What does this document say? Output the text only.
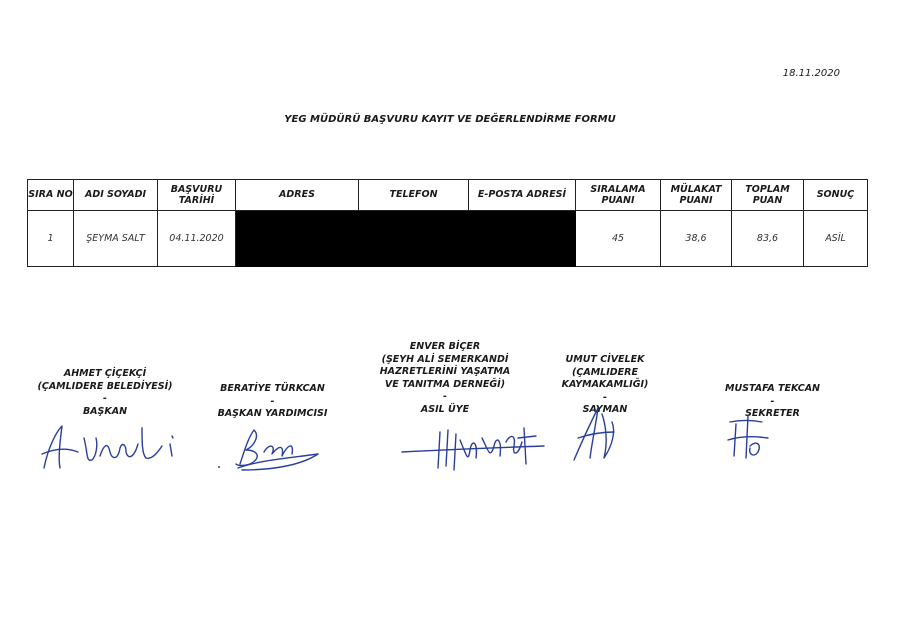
18.11.2020
YEG MÜDÜRÜ BAŞVURU KAYIT VE DEĞERLENDİRME FORMU
SIRA NO	ADI SOYADI	BAŞVURU TARİHİ	ADRES	TELEFON	E-POSTA ADRESİ	SIRALAMA PUANI	MÜLAKAT PUANI	TOPLAM PUAN	SONUÇ
1	ŞEYMA SALT	04.11.2020				45	38,6	83,6	ASİL
AHMET ÇİÇEKÇİ
(ÇAMLIDERE BELEDİYESİ)
-
BAŞKAN
BERATİYE TÜRKCAN
-
BAŞKAN YARDIMCISI
ENVER BİÇER
(ŞEYH ALİ SEMERKANDİ
HAZRETLERİNİ YAŞATMA
VE TANITMA DERNEĞİ)
-
ASIL ÜYE
UMUT CİVELEK
(ÇAMLIDERE
KAYMAKAMLIĞI)
-
SAYMAN
MUSTAFA TEKCAN
-
SEKRETER
